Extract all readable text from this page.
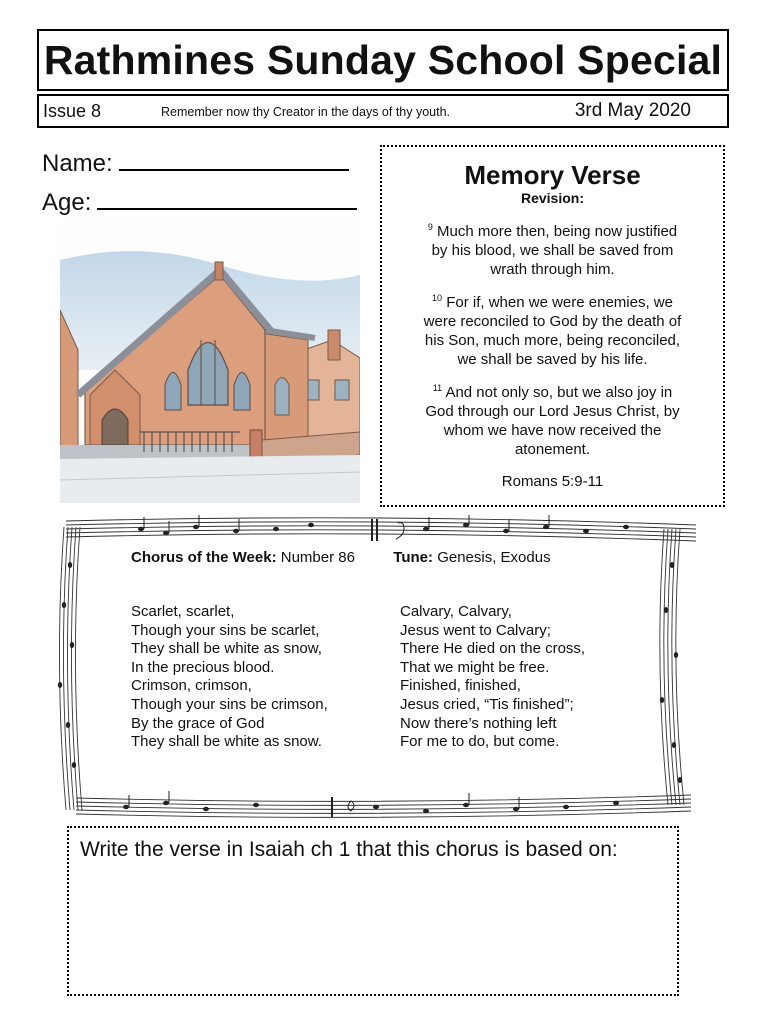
Rathmines Sunday School Special
Issue 8	Remember now thy Creator in the days of thy youth.	3rd May 2020
Name:
Age:
Memory Verse
Revision:
$^9$ Much more then, being now justified
by his blood, we shall be saved from
wrath through him.
$^{10}$ For if, when we were enemies, we
were reconciled to God by the death of
his Son, much more, being reconciled,
we shall be saved by his life.
$^{11}$ And not only so, but we also joy in
God through our Lord Jesus Christ, by
whom we have now received the
atonement.
Romans 5:9-11
Chorus of the Week: Number 86	Tune: Genesis, Exodus
Scarlet, scarlet,
Though your sins be scarlet,
They shall be white as snow,
In the precious blood.
Crimson, crimson,
Though your sins be crimson,
By the grace of God
They shall be white as snow.
Calvary, Calvary,
Jesus went to Calvary;
There He died on the cross,
That we might be free.
Finished, finished,
Jesus cried, “Tis finished”;
Now there’s nothing left
For me to do, but come.
Write the verse in Isaiah ch 1 that this chorus is based on:
